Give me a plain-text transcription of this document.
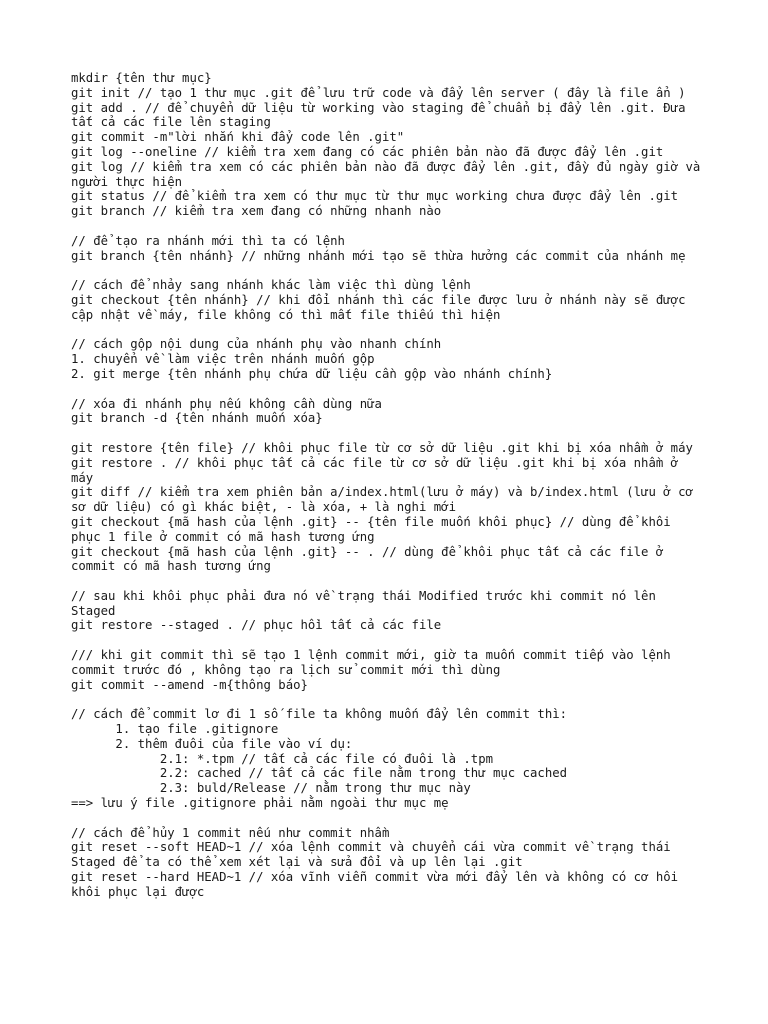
mkdir {tên thư mục}
git init // tạo 1 thư mục .git để lưu trữ code và đẩy lên server ( đây là file ẩn )
git add . // để chuyển dữ liệu từ working vào staging để chuẩn bị đẩy lên .git. Đưa tất cả các file lên staging
git commit -m"lời nhắn khi đẩy code lên .git"
git log --oneline // kiểm tra xem đang có các phiên bản nào đã được đẩy lên .git
git log // kiểm tra xem có các phiên bản nào đã được đẩy lên .git, đầy đủ ngày giờ và người thực hiện
git status // để kiểm tra xem có thư mục từ thư mục working chưa được đẩy lên .git
git branch // kiểm tra xem đang có những nhanh nào
// để tạo ra nhánh mới thì ta có lệnh
git branch {tên nhánh} // những nhánh mới tạo sẽ thừa hưởng các commit của nhánh mẹ
// cách để nhảy sang nhánh khác làm việc thì dùng lệnh
git checkout {tên nhánh} // khi đổi nhánh thì các file được lưu ở nhánh này sẽ được cập nhật về máy, file không có thì mất file thiếu thì hiện
// cách gộp nội dung của nhánh phụ vào nhanh chính
1. chuyển về làm việc trên nhánh muốn gộp
2. git merge {tên nhánh phụ chứa dữ liệu cần gộp vào nhánh chính}
// xóa đi nhánh phụ nếu không cần dùng nữa
git branch -d {tên nhánh muốn xóa}
git restore {tên file} // khôi phục file từ cơ sở dữ liệu .git khi bị xóa nhầm ở máy
git restore . // khôi phục tất cả các file từ cơ sở dữ liệu .git khi bị xóa nhầm ở máy
git diff // kiểm tra xem phiên bản a/index.html(lưu ở máy) và b/index.html (lưu ở cơ sơ dữ liệu) có gì khác biệt, - là xóa, + là nghi mới
git checkout {mã hash của lệnh .git} -- {tên file muốn khôi phục} // dùng để khôi phục 1 file ở commit có mã hash tương ứng
git checkout {mã hash của lệnh .git} -- . // dùng để khôi phục tất cả các file ở commit có mã hash tương ứng
// sau khi khôi phục phải đưa nó về trạng thái Modified trước khi commit nó lên Staged
git restore --staged . // phục hồi tất cả các file
/// khi git commit thì sẽ tạo 1 lệnh commit mới, giờ ta muốn commit tiếp vào lệnh commit trước đó , không tạo ra lịch sử commit mới thì dùng
git commit --amend -m{thông báo}
// cách để commit lơ đi 1 số file ta không muốn đẩy lên commit thì:
1. tạo file .gitignore
2. thêm đuôi của file vào ví dụ:
2.1: *.tpm // tất cả các file có đuôi là .tpm
2.2: cached // tất cả các file nằm trong thư mục cached
2.3: buld/Release // nằm trong thư mục này
==> lưu ý file .gitignore phải nằm ngoài thư mục mẹ
// cách để hủy 1 commit nếu như commit nhầm
git reset --soft HEAD~1 // xóa lệnh commit và chuyển cái vừa commit về trạng thái Staged để ta có thể xem xét lại và sửa đổi và up lên lại .git
git reset --hard HEAD~1 // xóa vĩnh viễn commit vừa mới đẩy lên và không có cơ hôi khôi phục lại được
